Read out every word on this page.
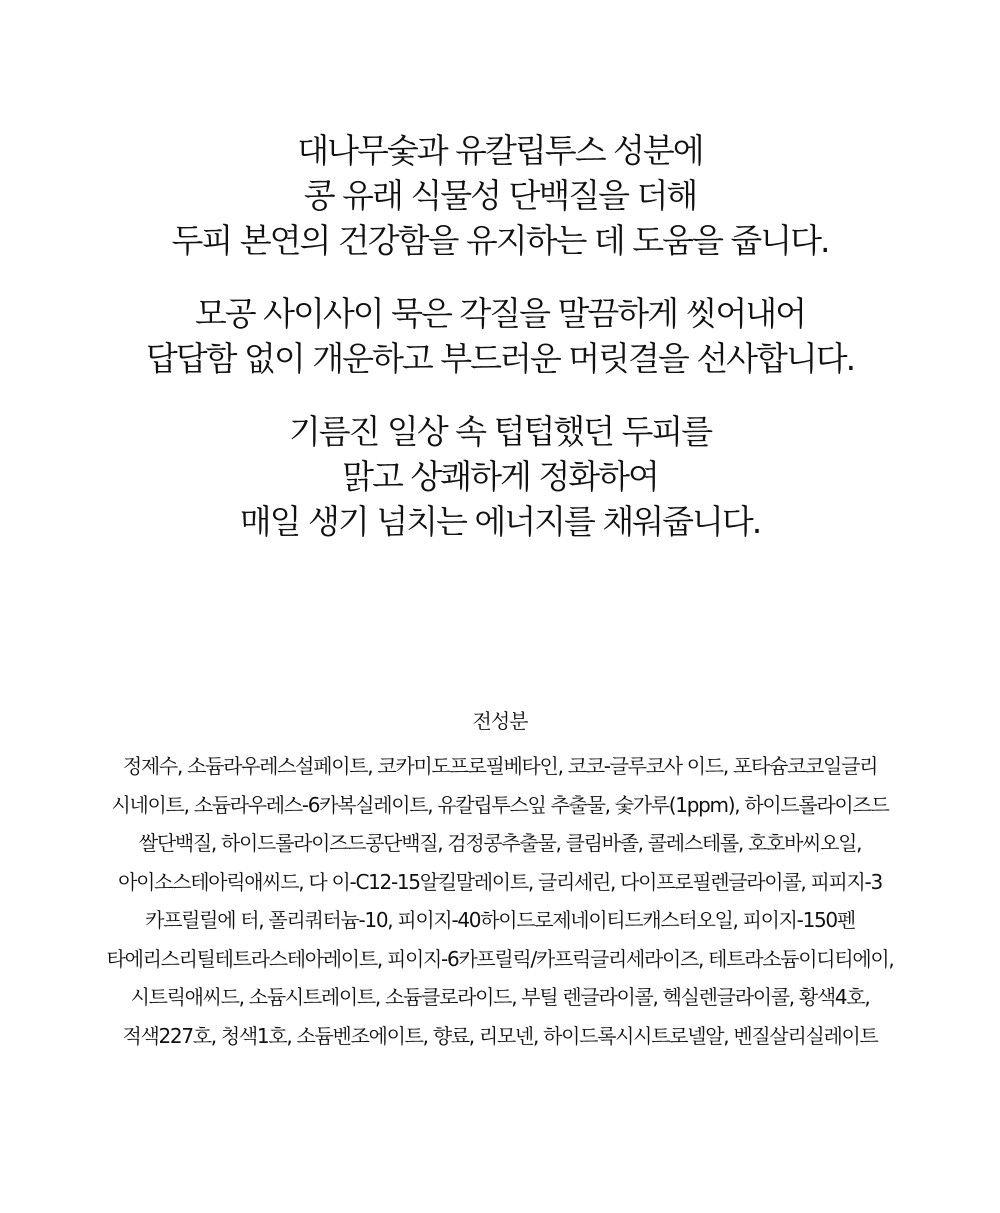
대나무숯과 유칼립투스 성분에
콩 유래 식물성 단백질을 더해
두피 본연의 건강함을 유지하는 데 도움을 줍니다.
모공 사이사이 묵은 각질을 말끔하게 씻어내어
답답함 없이 개운하고 부드러운 머릿결을 선사합니다.
기름진 일상 속 텁텁했던 두피를
맑고 상쾌하게 정화하여
매일 생기 넘치는 에너지를 채워줍니다.
전성분
정제수, 소듐라우레스설페이트, 코카미도프로필베타인, 코코-글루코사 이드, 포타슘코코일글리
시네이트, 소듐라우레스-6카복실레이트, 유칼립투스잎 추출물, 숯가루(1ppm), 하이드롤라이즈드
쌀단백질, 하이드롤라이즈드콩단백질, 검정콩추출물, 클림바졸, 콜레스테롤, 호호바씨오일,
아이소스테아릭애씨드, 다 이-C12-15알킬말레이트, 글리세린, 다이프로필렌글라이콜, 피피지-3
카프릴릴에 터, 폴리쿼터늄-10, 피이지-40하이드로제네이티드캐스터오일, 피이지-150펜
타에리스리틸테트라스테아레이트, 피이지-6카프릴릭/카프릭글리세라이즈, 테트라소듐이디티에이,
시트릭애씨드, 소듐시트레이트, 소듐클로라이드, 부틸 렌글라이콜, 헥실렌글라이콜, 황색4호,
적색227호, 청색1호, 소듐벤조에이트, 향료, 리모넨, 하이드록시시트로넬알, 벤질살리실레이트
